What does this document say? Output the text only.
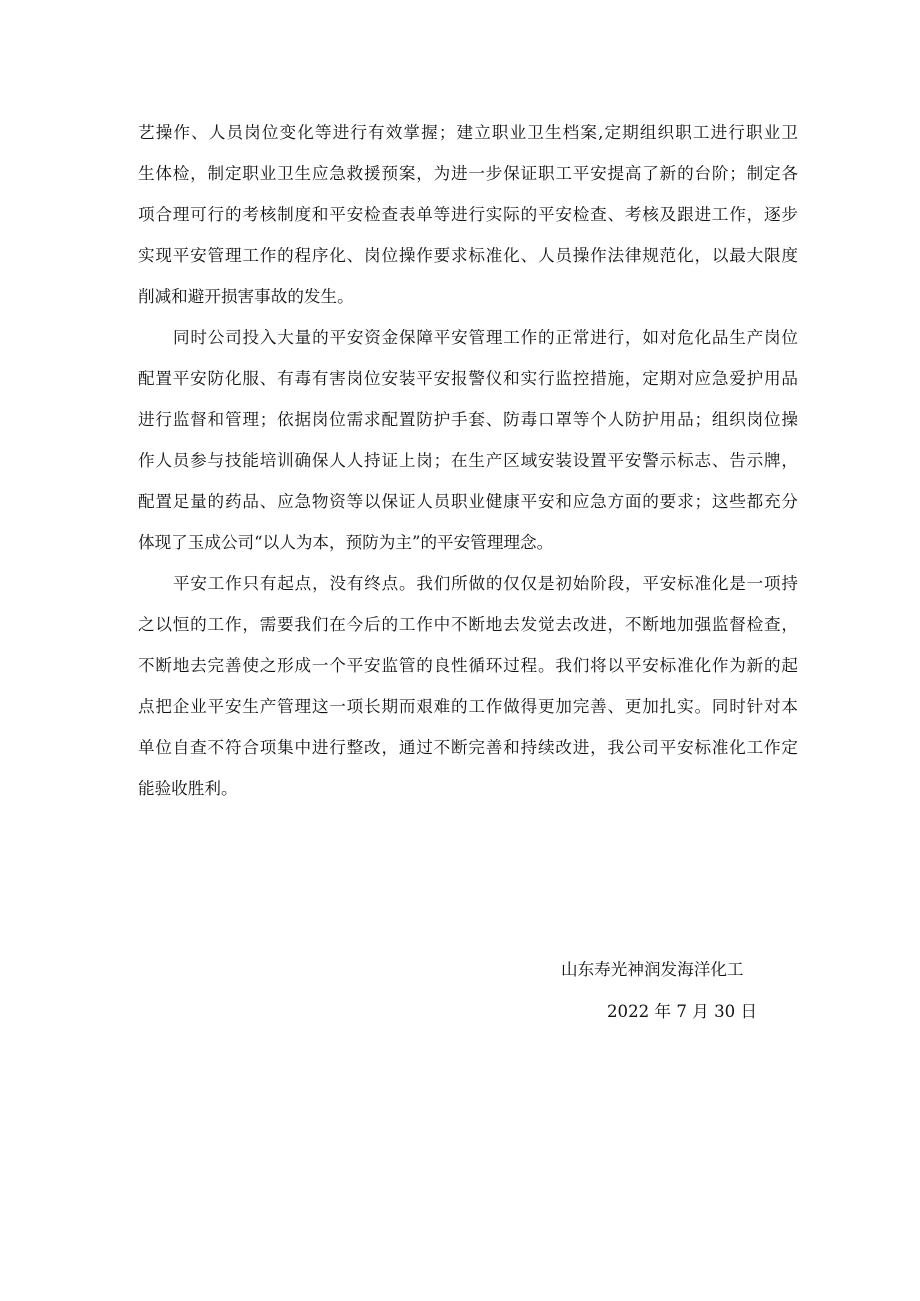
艺操作、人员岗位变化等进行有效掌握；建立职业卫生档案,定期组织职工进行职业卫
生体检，制定职业卫生应急救援预案，为进一步保证职工平安提高了新的台阶；制定各
项合理可行的考核制度和平安检查表单等进行实际的平安检查、考核及跟进工作，逐步
实现平安管理工作的程序化、岗位操作要求标准化、人员操作法律规范化，以最大限度
削减和避开损害事故的发生。
同时公司投入大量的平安资金保障平安管理工作的正常进行，如对危化品生产岗位
配置平安防化服、有毒有害岗位安装平安报警仪和实行监控措施，定期对应急爱护用品
进行监督和管理；依据岗位需求配置防护手套、防毒口罩等个人防护用品；组织岗位操
作人员参与技能培训确保人人持证上岗；在生产区域安装设置平安警示标志、告示牌，
配置足量的药品、应急物资等以保证人员职业健康平安和应急方面的要求；这些都充分
体现了玉成公司“以人为本，预防为主”的平安管理理念。
平安工作只有起点，没有终点。我们所做的仅仅是初始阶段，平安标准化是一项持
之以恒的工作，需要我们在今后的工作中不断地去发觉去改进，不断地加强监督检查，
不断地去完善使之形成一个平安监管的良性循环过程。我们将以平安标准化作为新的起
点把企业平安生产管理这一项长期而艰难的工作做得更加完善、更加扎实。同时针对本
单位自查不符合项集中进行整改，通过不断完善和持续改进，我公司平安标准化工作定
能验收胜利。
山东寿光神润发海洋化工
2022 年 7 月 30 日
